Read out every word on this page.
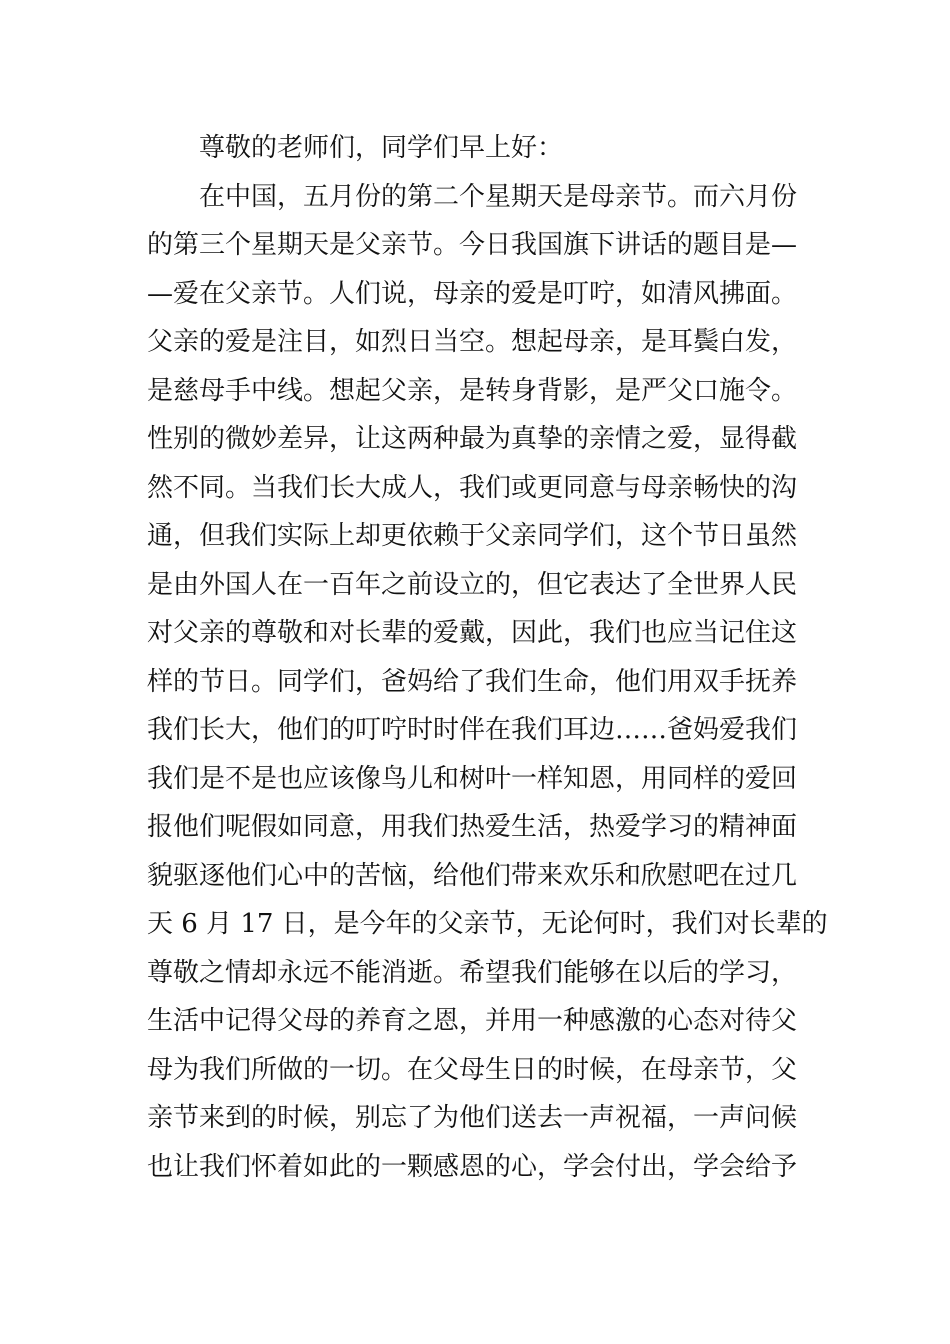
尊敬的老师们，同学们早上好：
在中国，五月份的第二个星期天是母亲节。而六月份
的第三个星期天是父亲节。今日我国旗下讲话的题目是—
—爱在父亲节。人们说，母亲的爱是叮咛，如清风拂面。
父亲的爱是注目，如烈日当空。想起母亲，是耳鬓白发，
是慈母手中线。想起父亲，是转身背影，是严父口施令。
性别的微妙差异，让这两种最为真挚的亲情之爱，显得截
然不同。当我们长大成人，我们或更同意与母亲畅快的沟
通，但我们实际上却更依赖于父亲同学们，这个节日虽然
是由外国人在一百年之前设立的，但它表达了全世界人民
对父亲的尊敬和对长辈的爱戴，因此，我们也应当记住这
样的节日。同学们，爸妈给了我们生命，他们用双手抚养
我们长大，他们的叮咛时时伴在我们耳边……爸妈爱我们
我们是不是也应该像鸟儿和树叶一样知恩，用同样的爱回
报他们呢假如同意，用我们热爱生活，热爱学习的精神面
貌驱逐他们心中的苦恼，给他们带来欢乐和欣慰吧在过几
天 6 月 17 日，是今年的父亲节，无论何时，我们对长辈的
尊敬之情却永远不能消逝。希望我们能够在以后的学习，
生活中记得父母的养育之恩，并用一种感激的心态对待父
母为我们所做的一切。在父母生日的时候，在母亲节，父
亲节来到的时候，别忘了为他们送去一声祝福，一声问候
也让我们怀着如此的一颗感恩的心，学会付出，学会给予
